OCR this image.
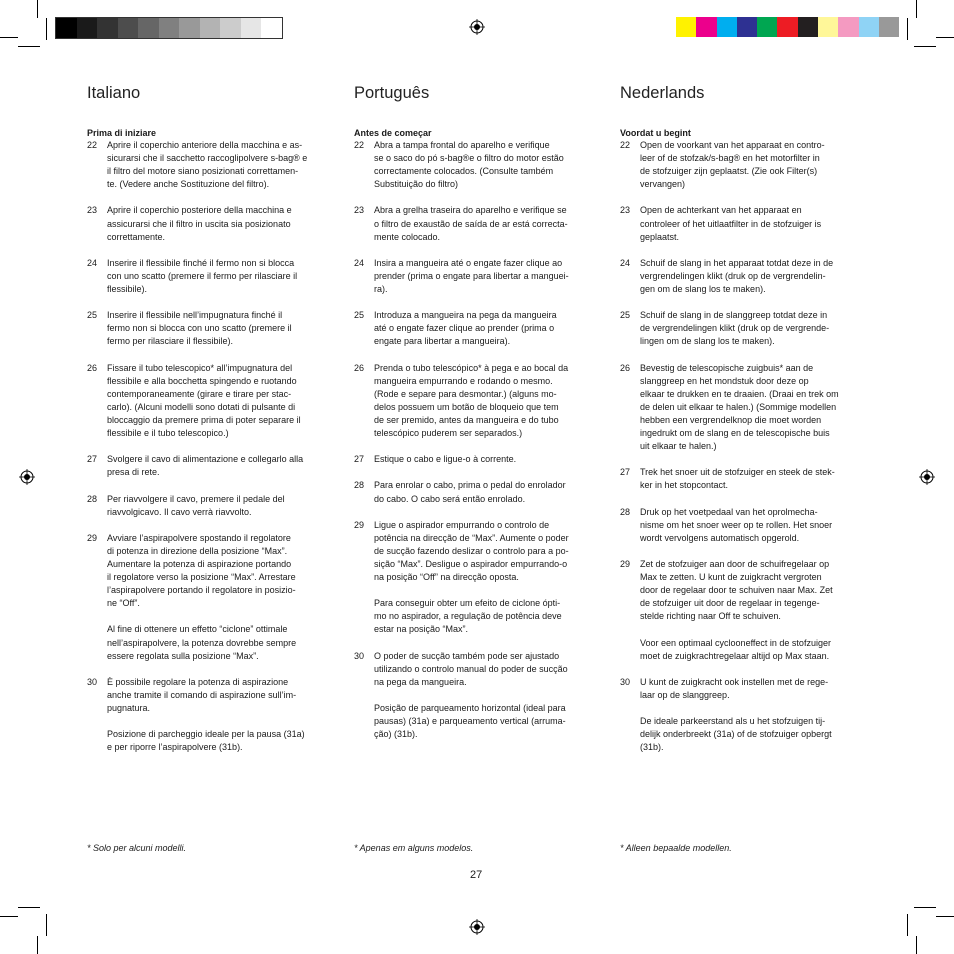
Italiano
Prima di iniziare
22	Aprire il coperchio anteriore della macchina e as-
sicurarsi che il sacchetto raccoglipolvere s-bag® e
il filtro del motore siano posizionati correttamen-
te. (Vedere anche Sostituzione del filtro).
23	Aprire il coperchio posteriore della macchina e
assicurarsi che il filtro in uscita sia posizionato
correttamente.
24	Inserire il flessibile finché il fermo non si blocca
con uno scatto (premere il fermo per rilasciare il
flessibile).
25	Inserire il flessibile nell’impugnatura finché il
fermo non si blocca con uno scatto (premere il
fermo per rilasciare il flessibile).
26	Fissare il tubo telescopico* all’impugnatura del
flessibile e alla bocchetta spingendo e ruotando
contemporaneamente (girare e tirare per stac-
carlo). (Alcuni modelli sono dotati di pulsante di
bloccaggio da premere prima di poter separare il
flessibile e il tubo telescopico.)
27	Svolgere il cavo di alimentazione e collegarlo alla
presa di rete.
28	Per riavvolgere il cavo, premere il pedale del
riavvolgicavo. Il cavo verrà riavvolto.
29	Avviare l’aspirapolvere spostando il regolatore
di potenza in direzione della posizione “Max”.
Aumentare la potenza di aspirazione portando
il regolatore verso la posizione “Max”. Arrestare
l’aspirapolvere portando il regolatore in posizio-
ne “Off”.

Al fine di ottenere un effetto “ciclone” ottimale
nell’aspirapolvere, la potenza dovrebbe sempre
essere regolata sulla posizione “Max”.
30	È possibile regolare la potenza di aspirazione
anche tramite il comando di aspirazione sull’im-
pugnatura.

Posizione di parcheggio ideale per la pausa (31a)
e per riporre l’aspirapolvere (31b).
Português
Antes de começar
22	Abra a tampa frontal do aparelho e verifique
se o saco do pó s-bag®e o filtro do motor estão
correctamente colocados. (Consulte também
Substituição do filtro)
23	Abra a grelha traseira do aparelho e verifique se
o filtro de exaustão de saída de ar está correcta-
mente colocado.
24	Insira a mangueira até o engate fazer clique ao
prender (prima o engate para libertar a manguei-
ra).
25	Introduza a mangueira na pega da mangueira
até o engate fazer clique ao prender (prima o
engate para libertar a mangueira).
26	Prenda o tubo telescópico* à pega e ao bocal da
mangueira empurrando e rodando o mesmo.
(Rode e separe para desmontar.) (alguns mo-
delos possuem um botão de bloqueio que tem
de ser premido, antes da mangueira e do tubo
telescópico puderem ser separados.)
27	Estique o cabo e ligue-o à corrente.
28	Para enrolar o cabo, prima o pedal do enrolador
do cabo. O cabo será então enrolado.
29	Ligue o aspirador empurrando o controlo de
potência na direcção de “Max”. Aumente o poder
de sucção fazendo deslizar o controlo para a po-
sição “Max”. Desligue o aspirador empurrando-o
na posição “Off” na direcção oposta.

Para conseguir obter um efeito de ciclone ópti-
mo no aspirador, a regulação de potência deve
estar na posição “Max”.
30	O poder de sucção também pode ser ajustado
utilizando o controlo manual do poder de sucção
na pega da mangueira.

Posição de parqueamento horizontal (ideal para
pausas) (31a) e parqueamento vertical (arruma-
ção) (31b).
Nederlands
Voordat u begint
22	Open de voorkant van het apparaat en contro-
leer of de stofzak/s-bag® en het motorfilter in
de stofzuiger zijn geplaatst. (Zie ook Filter(s)
vervangen)
23	Open de achterkant van het apparaat en
controleer of het uitlaatfilter in de stofzuiger is
geplaatst.
24	Schuif de slang in het apparaat totdat deze in de
vergrendelingen klikt (druk op de vergrendelin-
gen om de slang los te maken).
25	Schuif de slang in de slanggreep totdat deze in
de vergrendelingen klikt (druk op de vergrende-
lingen om de slang los te maken).
26	Bevestig de telescopische zuigbuis* aan de
slanggreep en het mondstuk door deze op
elkaar te drukken en te draaien. (Draai en trek om
de delen uit elkaar te halen.) (Sommige modellen
hebben een vergrendelknop die moet worden
ingedrukt om de slang en de telescopische buis
uit elkaar te halen.)
27	Trek het snoer uit de stofzuiger en steek de stek-
ker in het stopcontact.
28	Druk op het voetpedaal van het oprolmecha-
nisme om het snoer weer op te rollen. Het snoer
wordt vervolgens automatisch opgerold.
29	Zet de stofzuiger aan door de schuifregelaar op
Max te zetten. U kunt de zuigkracht vergroten
door de regelaar door te schuiven naar Max. Zet
de stofzuiger uit door de regelaar in tegenge-
stelde richting naar Off te schuiven.

Voor een optimaal cyclooneffect in de stofzuiger
moet de zuigkrachtregelaar altijd op Max staan.
30	U kunt de zuigkracht ook instellen met de rege-
laar op de slanggreep.

De ideale parkeerstand als u het stofzuigen tij-
delijk onderbreekt (31a) of de stofzuiger opbergt
(31b).
* Solo per alcuni modelli.	* Apenas em alguns modelos.	* Alleen bepaalde modellen.
27
